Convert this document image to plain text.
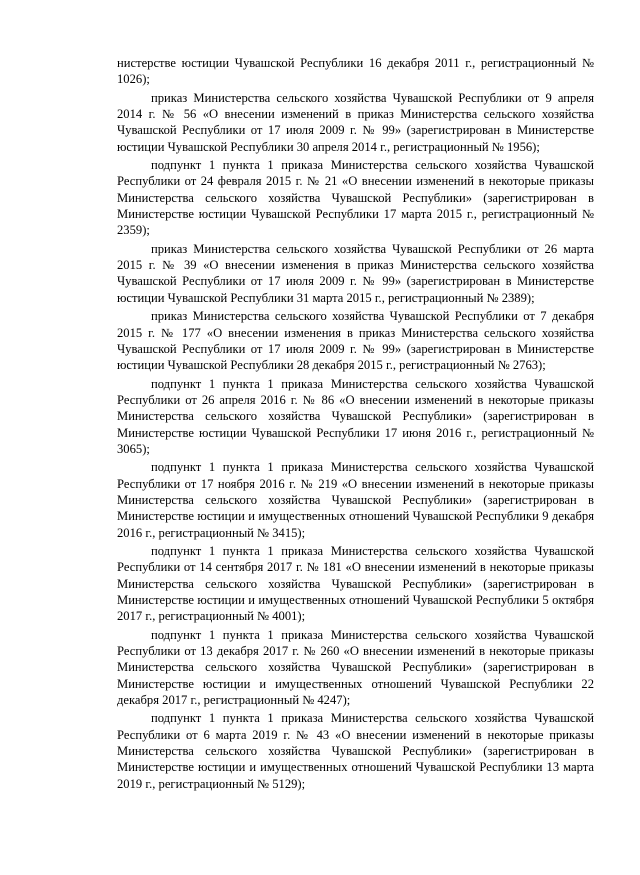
нистерстве юстиции Чувашской Республики 16 декабря 2011 г., регистрационный № 1026);

приказ Министерства сельского хозяйства Чувашской Республики от 9 апреля 2014 г. № 56 «О внесении изменений в приказ Министерства сельского хозяйства Чувашской Республики от 17 июля 2009 г. № 99» (зарегистрирован в Министерстве юстиции Чувашской Республики 30 апреля 2014 г., регистрационный № 1956);

подпункт 1 пункта 1 приказа Министерства сельского хозяйства Чувашской Республики от 24 февраля 2015 г. № 21 «О внесении изменений в некоторые приказы Министерства сельского хозяйства Чувашской Республики» (зарегистрирован в Министерстве юстиции Чувашской Республики 17 марта 2015 г., регистрационный № 2359);

приказ Министерства сельского хозяйства Чувашской Республики от 26 марта 2015 г. № 39 «О внесении изменения в приказ Министерства сельского хозяйства Чувашской Республики от 17 июля 2009 г. № 99» (зарегистрирован в Министерстве юстиции Чувашской Республики 31 марта 2015 г., регистрационный № 2389);

приказ Министерства сельского хозяйства Чувашской Республики от 7 декабря 2015 г. № 177 «О внесении изменения в приказ Министерства сельского хозяйства Чувашской Республики от 17 июля 2009 г. № 99» (зарегистрирован в Министерстве юстиции Чувашской Республики 28 декабря 2015 г., регистрационный № 2763);

подпункт 1 пункта 1 приказа Министерства сельского хозяйства Чувашской Республики от 26 апреля 2016 г. № 86 «О внесении изменений в некоторые приказы Министерства сельского хозяйства Чувашской Республики» (зарегистрирован в Министерстве юстиции Чувашской Республики 17 июня 2016 г., регистрационный № 3065);

подпункт 1 пункта 1 приказа Министерства сельского хозяйства Чувашской Республики от 17 ноября 2016 г. № 219 «О внесении изменений в некоторые приказы Министерства сельского хозяйства Чувашской Республики» (зарегистрирован в Министерстве юстиции и имущественных отношений Чувашской Республики 9 декабря 2016 г., регистрационный № 3415);

подпункт 1 пункта 1 приказа Министерства сельского хозяйства Чувашской Республики от 14 сентября 2017 г. № 181 «О внесении изменений в некоторые приказы Министерства сельского хозяйства Чувашской Республики» (зарегистрирован в Министерстве юстиции и имущественных отношений Чувашской Республики 5 октября 2017 г., регистрационный № 4001);

подпункт 1 пункта 1 приказа Министерства сельского хозяйства Чувашской Республики от 13 декабря 2017 г. № 260 «О внесении изменений в некоторые приказы Министерства сельского хозяйства Чувашской Республики» (зарегистрирован в Министерстве юстиции и имущественных отношений Чувашской Республики 22 декабря 2017 г., регистрационный № 4247);

подпункт 1 пункта 1 приказа Министерства сельского хозяйства Чувашской Республики от 6 марта 2019 г. № 43 «О внесении изменений в некоторые приказы Министерства сельского хозяйства Чувашской Республики» (зарегистрирован в Министерстве юстиции и имущественных отношений Чувашской Республики 13 марта 2019 г., регистрационный № 5129);
